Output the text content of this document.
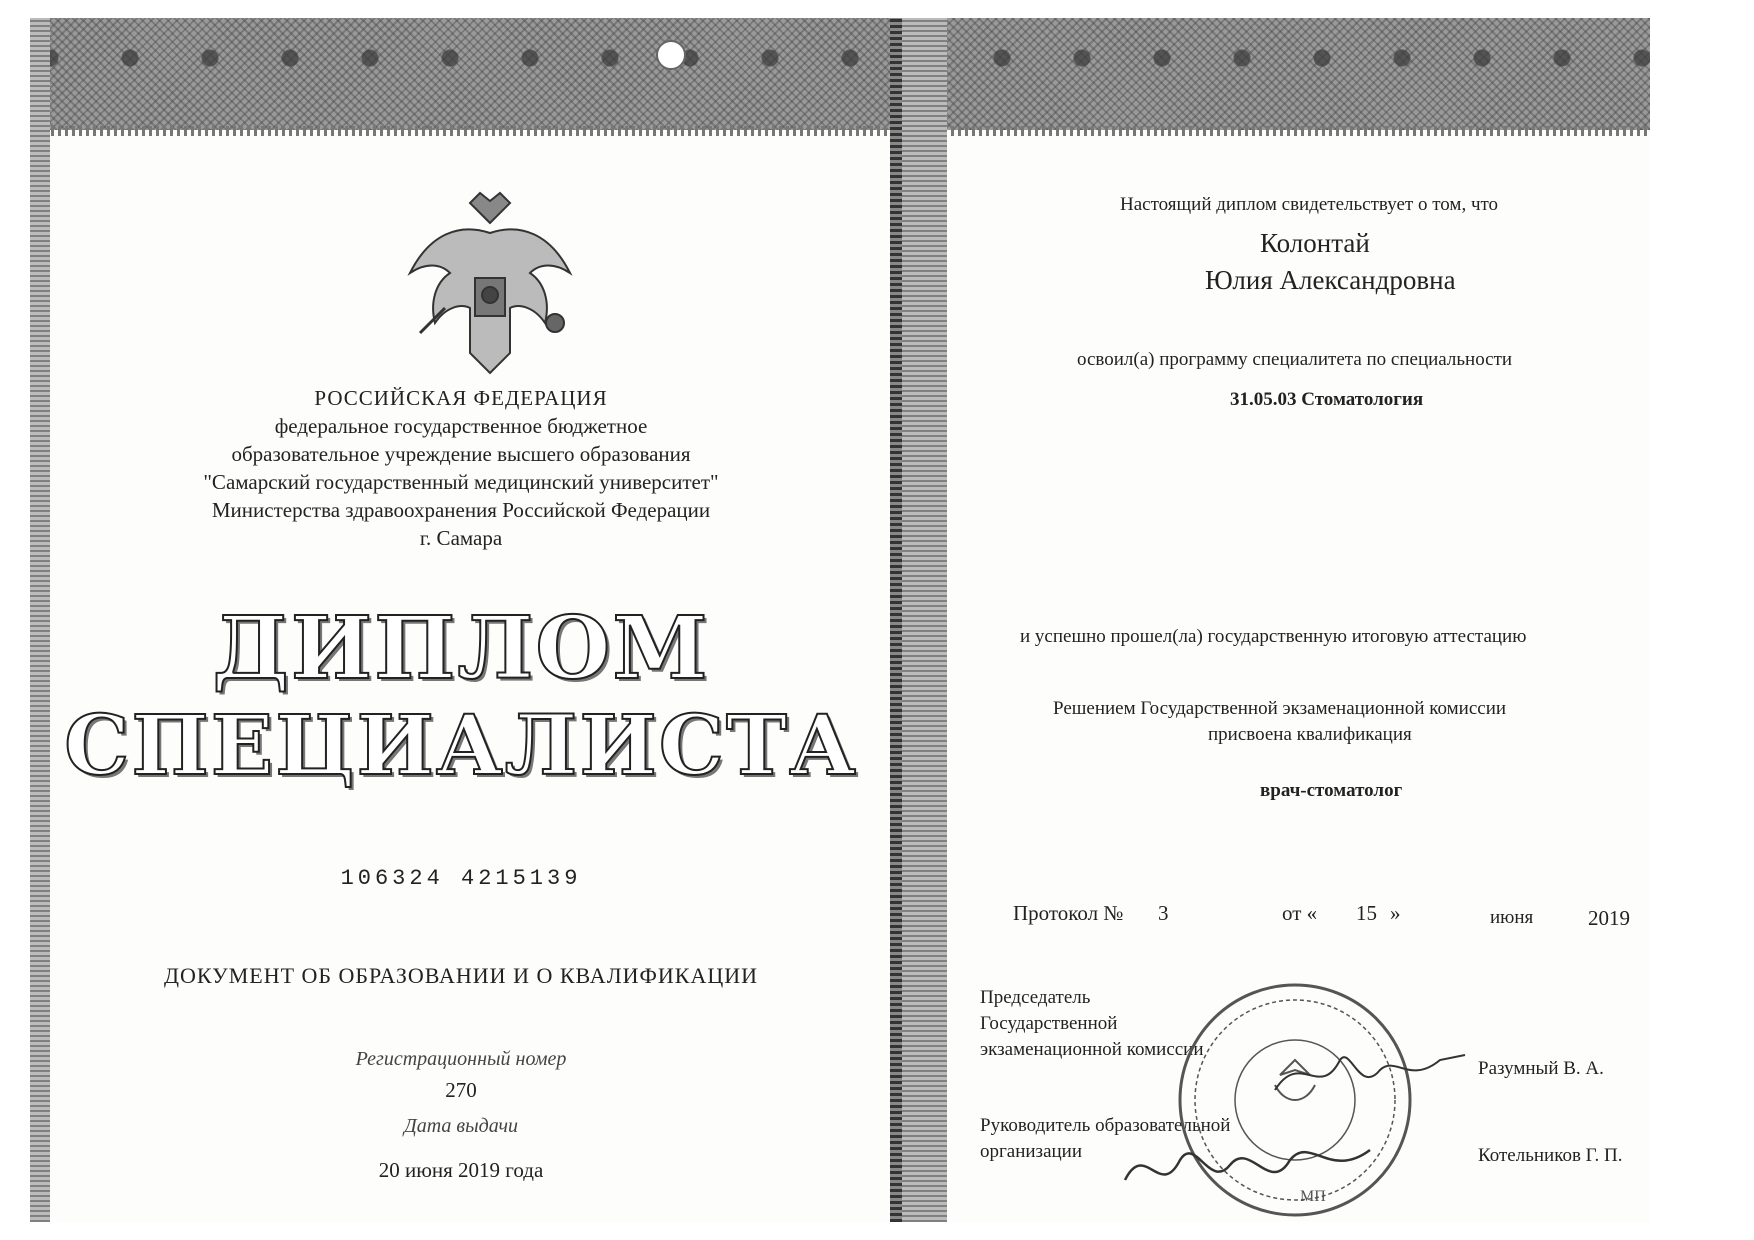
РОССИЙСКАЯ ФЕДЕРАЦИЯ
федеральное государственное бюджетное
образовательное учреждение высшего образования
"Самарский государственный медицинский университет"
Министерства здравоохранения Российской Федерации
г. Самара
ДИПЛОМ
СПЕЦИАЛИСТА
106324 4215139
ДОКУМЕНТ ОБ ОБРАЗОВАНИИ И О КВАЛИФИКАЦИИ
Регистрационный номер
270
Дата выдачи
20 июня 2019 года
Настоящий диплом свидетельствует о том, что
Колонтай
Юлия Александровна
освоил(а) программу специалитета по специальности
31.05.03 Стоматология
и успешно прошел(ла) государственную итоговую аттестацию
Решением Государственной экзаменационной комиссии
присвоена квалификация
врач-стоматолог
Протокол № 3	от « 15 »	июня	2019
Председатель
Государственной
экзаменационной комиссии
Разумный В. А.
Руководитель образовательной
организации	Котельников Г. П.
МП
